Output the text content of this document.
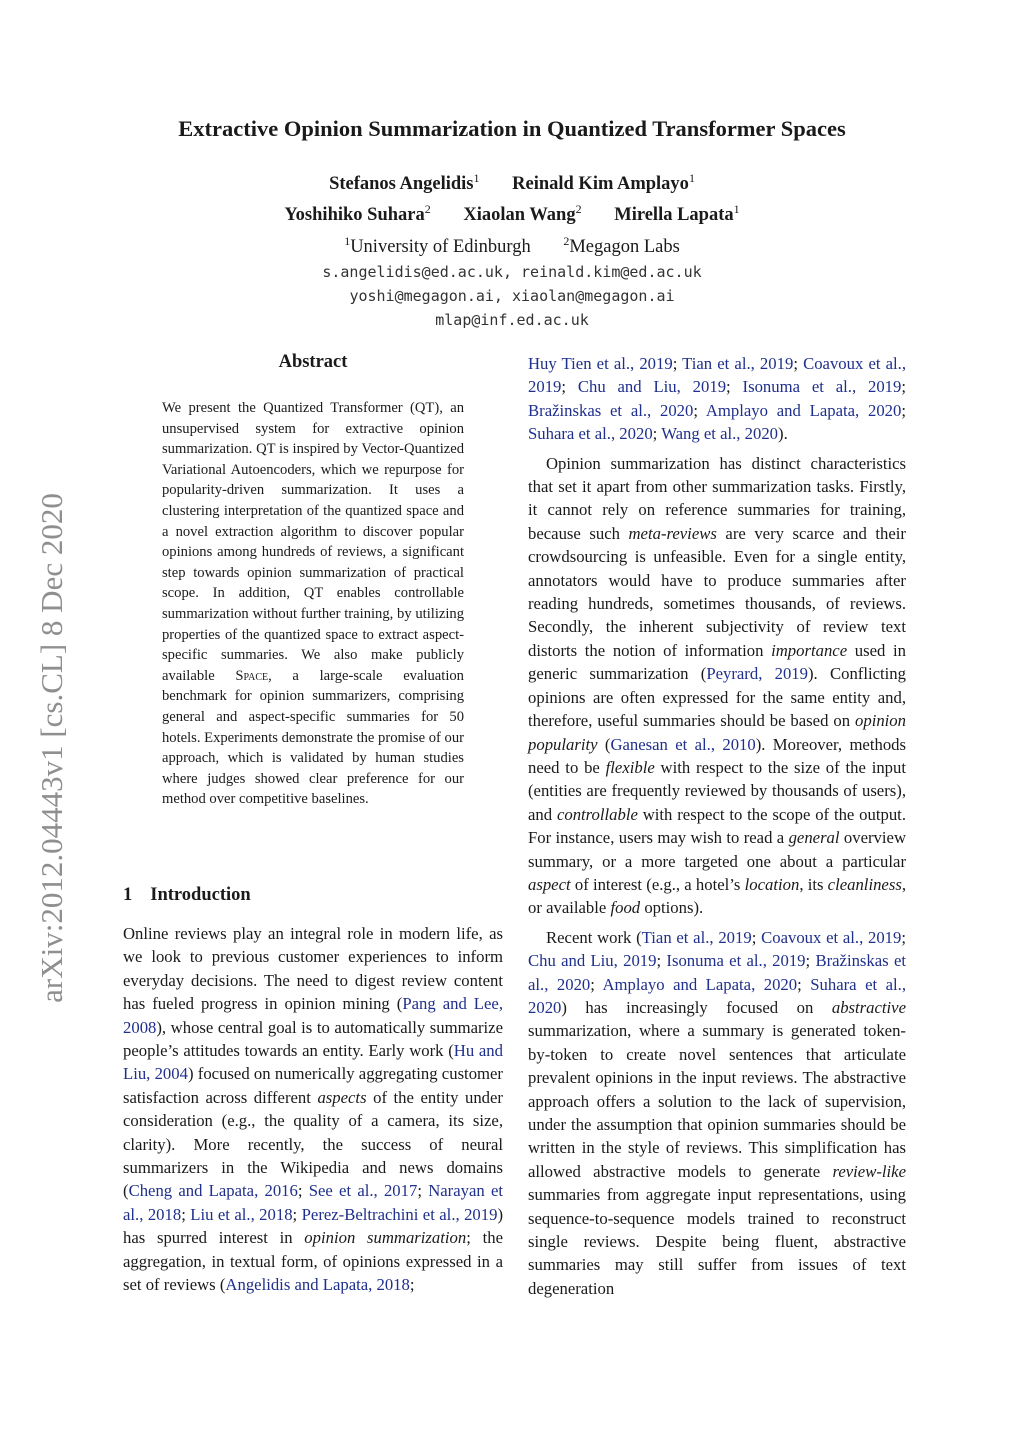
arXiv:2012.04443v1 [cs.CL] 8 Dec 2020
Extractive Opinion Summarization in Quantized Transformer Spaces
Stefanos Angelidis$^1$ Reinald Kim Amplayo$^1$
Yoshihiko Suhara$^2$ Xiaolan Wang$^2$ Mirella Lapata$^1$
$^1$University of Edinburgh	$^2$Megagon Labs
s.angelidis@ed.ac.uk, reinald.kim@ed.ac.uk
yoshi@megagon.ai, xiaolan@megagon.ai
mlap@inf.ed.ac.uk
Abstract
We present the Quantized Transformer (QT), an unsupervised system for extractive opinion summarization. QT is inspired by Vector-Quantized Variational Autoencoders, which we repurpose for popularity-driven summarization. It uses a clustering interpretation of the quantized space and a novel extraction algorithm to discover popular opinions among hundreds of reviews, a significant step towards opinion summarization of practical scope. In addition, QT enables controllable summarization without further training, by utilizing properties of the quantized space to extract aspect-specific summaries. We also make publicly available Space, a large-scale evaluation benchmark for opinion summarizers, comprising general and aspect-specific summaries for 50 hotels. Experiments demonstrate the promise of our approach, which is validated by human studies where judges showed clear preference for our method over competitive baselines.
1 Introduction

Online reviews play an integral role in modern life, as we look to previous customer experiences to inform everyday decisions. The need to digest review content has fueled progress in opinion mining (Pang and Lee, 2008), whose central goal is to automatically summarize people’s attitudes towards an entity. Early work (Hu and Liu, 2004) focused on numerically aggregating customer satisfaction across different aspects of the entity under consideration (e.g., the quality of a camera, its size, clarity). More recently, the success of neural summarizers in the Wikipedia and news domains (Cheng and Lapata, 2016; See et al., 2017; Narayan et al., 2018; Liu et al., 2018; Perez-Beltrachini et al., 2019) has spurred interest in opinion summarization; the aggregation, in textual form, of opinions expressed in a set of reviews (Angelidis and Lapata, 2018;

Huy Tien et al., 2019; Tian et al., 2019; Coavoux et al., 2019; Chu and Liu, 2019; Isonuma et al., 2019; Bražinskas et al., 2020; Amplayo and Lapata, 2020; Suhara et al., 2020; Wang et al., 2020).

Opinion summarization has distinct characteristics that set it apart from other summarization tasks. Firstly, it cannot rely on reference summaries for training, because such meta-reviews are very scarce and their crowdsourcing is unfeasible. Even for a single entity, annotators would have to produce summaries after reading hundreds, sometimes thousands, of reviews. Secondly, the inherent subjectivity of review text distorts the notion of information importance used in generic summarization (Peyrard, 2019). Conflicting opinions are often expressed for the same entity and, therefore, useful summaries should be based on opinion popularity (Ganesan et al., 2010). Moreover, methods need to be flexible with respect to the size of the input (entities are frequently reviewed by thousands of users), and controllable with respect to the scope of the output. For instance, users may wish to read a general overview summary, or a more targeted one about a particular aspect of interest (e.g., a hotel’s location, its cleanliness, or available food options).

Recent work (Tian et al., 2019; Coavoux et al., 2019; Chu and Liu, 2019; Isonuma et al., 2019; Bražinskas et al., 2020; Amplayo and Lapata, 2020; Suhara et al., 2020) has increasingly focused on abstractive summarization, where a summary is generated token-by-token to create novel sentences that articulate prevalent opinions in the input reviews. The abstractive approach offers a solution to the lack of supervision, under the assumption that opinion summaries should be written in the style of reviews. This simplification has allowed abstractive models to generate review-like summaries from aggregate input representations, using sequence-to-sequence models trained to reconstruct single reviews. Despite being fluent, abstractive summaries may still suffer from issues of text degeneration
